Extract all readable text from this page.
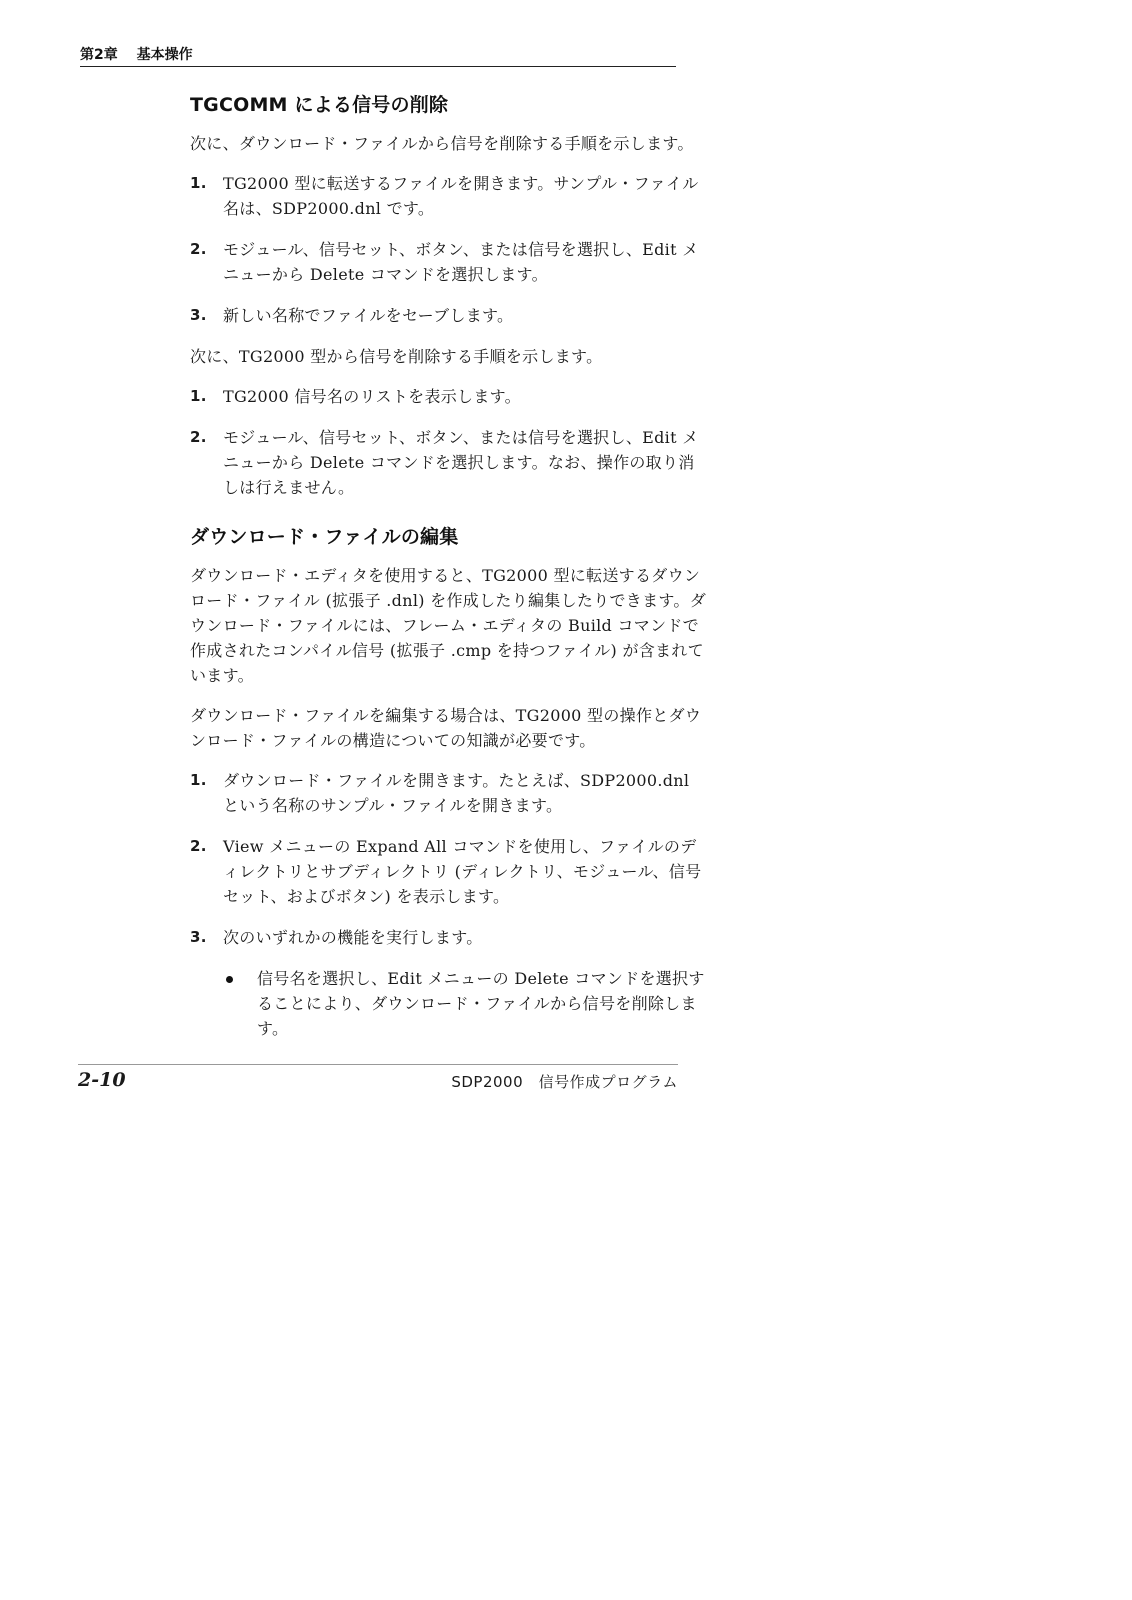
第2章 基本操作
TGCOMM による信号の削除

次に、ダウンロード・ファイルから信号を削除する手順を示します。

1. TG2000 型に転送するファイルを開きます。サンプル・ファイル名は、SDP2000.dnl です。
2. モジュール、信号セット、ボタン、または信号を選択し、Edit メニューから Delete コマンドを選択します。
3. 新しい名称でファイルをセーブします。

次に、TG2000 型から信号を削除する手順を示します。

1. TG2000 信号名のリストを表示します。
2. モジュール、信号セット、ボタン、または信号を選択し、Edit メニューから Delete コマンドを選択します。なお、操作の取り消しは行えません。
ダウンロード・ファイルの編集

ダウンロード・エディタを使用すると、TG2000 型に転送するダウンロード・ファイル (拡張子 .dnl) を作成したり編集したりできます。ダウンロード・ファイルには、フレーム・エディタの Build コマンドで作成されたコンパイル信号 (拡張子 .cmp を持つファイル) が含まれています。

ダウンロード・ファイルを編集する場合は、TG2000 型の操作とダウンロード・ファイルの構造についての知識が必要です。

1. ダウンロード・ファイルを開きます。たとえば、SDP2000.dnl という名称のサンプル・ファイルを開きます。
2. View メニューの Expand All コマンドを使用し、ファイルのディレクトリとサブディレクトリ (ディレクトリ、モジュール、信号セット、およびボタン) を表示します。
3. 次のいずれかの機能を実行します。
信号名を選択し、Edit メニューの Delete コマンドを選択することにより、ダウンロード・ファイルから信号を削除します。
2-10	SDP2000　信号作成プログラム
